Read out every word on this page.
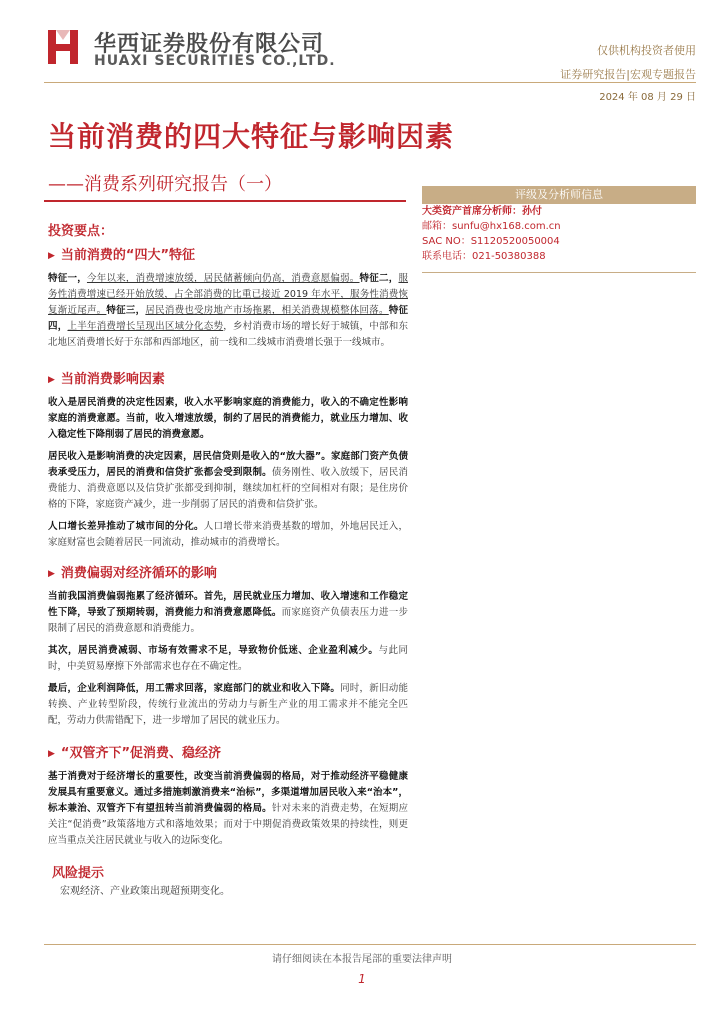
华西证券股份有限公司
HUAXI SECURITIES CO.,LTD.
仅供机构投资者使用
证券研究报告|宏观专题报告
2024 年 08 月 29 日
当前消费的四大特征与影响因素
——消费系列研究报告（一）	评级及分析师信息
大类资产首席分析师：孙付
邮箱：sunfu@hx168.com.cn
SAC NO：S1120520050004
联系电话：021-50380388
投资要点：
▶ 当前消费的“四大”特征

特征一，今年以来，消费增速放缓，居民储蓄倾向仍高，消费意愿偏弱。特征二，服务性消费增速已经开始放缓，占全部消费的比重已接近 2019 年水平，服务性消费恢复渐近尾声。特征三，居民消费也受房地产市场拖累，相关消费规模整体回落。特征四，上半年消费增长呈现出区域分化态势，乡村消费市场的增长好于城镇，中部和东北地区消费增长好于东部和西部地区，前一线和二线城市消费增长强于一线城市。

▶ 当前消费影响因素

收入是居民消费的决定性因素，收入水平影响家庭的消费能力，收入的不确定性影响家庭的消费意愿。当前，收入增速放缓，制约了居民的消费能力，就业压力增加、收入稳定性下降削弱了居民的消费意愿。

居民收入是影响消费的决定因素，居民信贷则是收入的“放大器”。家庭部门资产负债表承受压力，居民的消费和信贷扩张都会受到限制。债务刚性、收入放缓下，居民消费能力、消费意愿以及信贷扩张都受到抑制，继续加杠杆的空间相对有限；是住房价格的下降，家庭资产减少，进一步削弱了居民的消费和信贷扩张。

人口增长差异推动了城市间的分化。人口增长带来消费基数的增加，外地居民迁入，家庭财富也会随着居民一同流动，推动城市的消费增长。

▶ 消费偏弱对经济循环的影响

当前我国消费偏弱拖累了经济循环。首先，居民就业压力增加、收入增速和工作稳定性下降，导致了预期转弱，消费能力和消费意愿降低。而家庭资产负债表压力进一步限制了居民的消费意愿和消费能力。

其次，居民消费减弱、市场有效需求不足，导致物价低迷、企业盈利减少。与此同时，中美贸易摩擦下外部需求也存在不确定性。

最后，企业利润降低，用工需求回落，家庭部门的就业和收入下降。同时，新旧动能转换、产业转型阶段，传统行业流出的劳动力与新生产业的用工需求并不能完全匹配，劳动力供需错配下，进一步增加了居民的就业压力。

▶ “双管齐下”促消费、稳经济

基于消费对于经济增长的重要性，改变当前消费偏弱的格局，对于推动经济平稳健康发展具有重要意义。通过多措施刺激消费来“治标”，多渠道增加居民收入来“治本”，标本兼治、双管齐下有望扭转当前消费偏弱的格局。针对未来的消费走势，在短期应关注“促消费”政策落地方式和落地效果；而对于中期促消费政策效果的持续性，则更应当重点关注居民就业与收入的边际变化。

风险提示
宏观经济、产业政策出现超预期变化。
请仔细阅读在本报告尾部的重要法律声明
1
